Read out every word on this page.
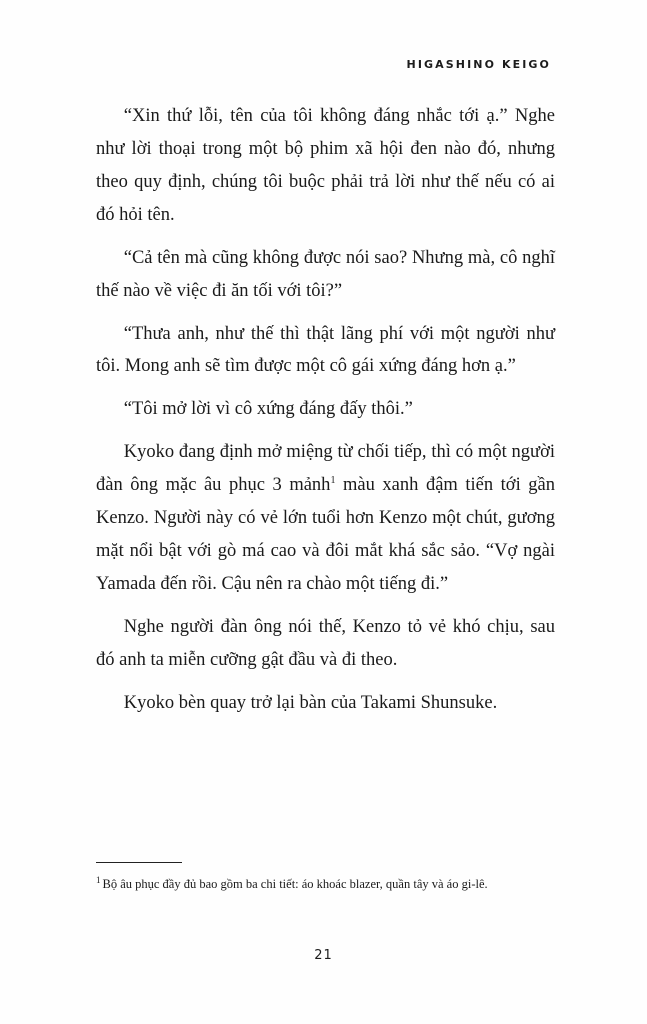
HIGASHINO KEIGO

“Xin thứ lỗi, tên của tôi không đáng nhắc tới ạ.” Nghe như lời thoại trong một bộ phim xã hội đen nào đó, nhưng theo quy định, chúng tôi buộc phải trả lời như thế nếu có ai đó hỏi tên.

“Cả tên mà cũng không được nói sao? Nhưng mà, cô nghĩ thế nào về việc đi ăn tối với tôi?”

“Thưa anh, như thế thì thật lãng phí với một người như tôi. Mong anh sẽ tìm được một cô gái xứng đáng hơn ạ.”

“Tôi mở lời vì cô xứng đáng đấy thôi.”

Kyoko đang định mở miệng từ chối tiếp, thì có một người đàn ông mặc âu phục 3 mảnh$^1$ màu xanh đậm tiến tới gần Kenzo. Người này có vẻ lớn tuổi hơn Kenzo một chút, gương mặt nổi bật với gò má cao và đôi mắt khá sắc sảo. “Vợ ngài Yamada đến rồi. Cậu nên ra chào một tiếng đi.”

Nghe người đàn ông nói thế, Kenzo tỏ vẻ khó chịu, sau đó anh ta miễn cưỡng gật đầu và đi theo.

Kyoko bèn quay trở lại bàn của Takami Shunsuke.

$^1$ Bộ âu phục đầy đủ bao gồm ba chi tiết: áo khoác blazer, quần tây và áo gi-lê.

21
